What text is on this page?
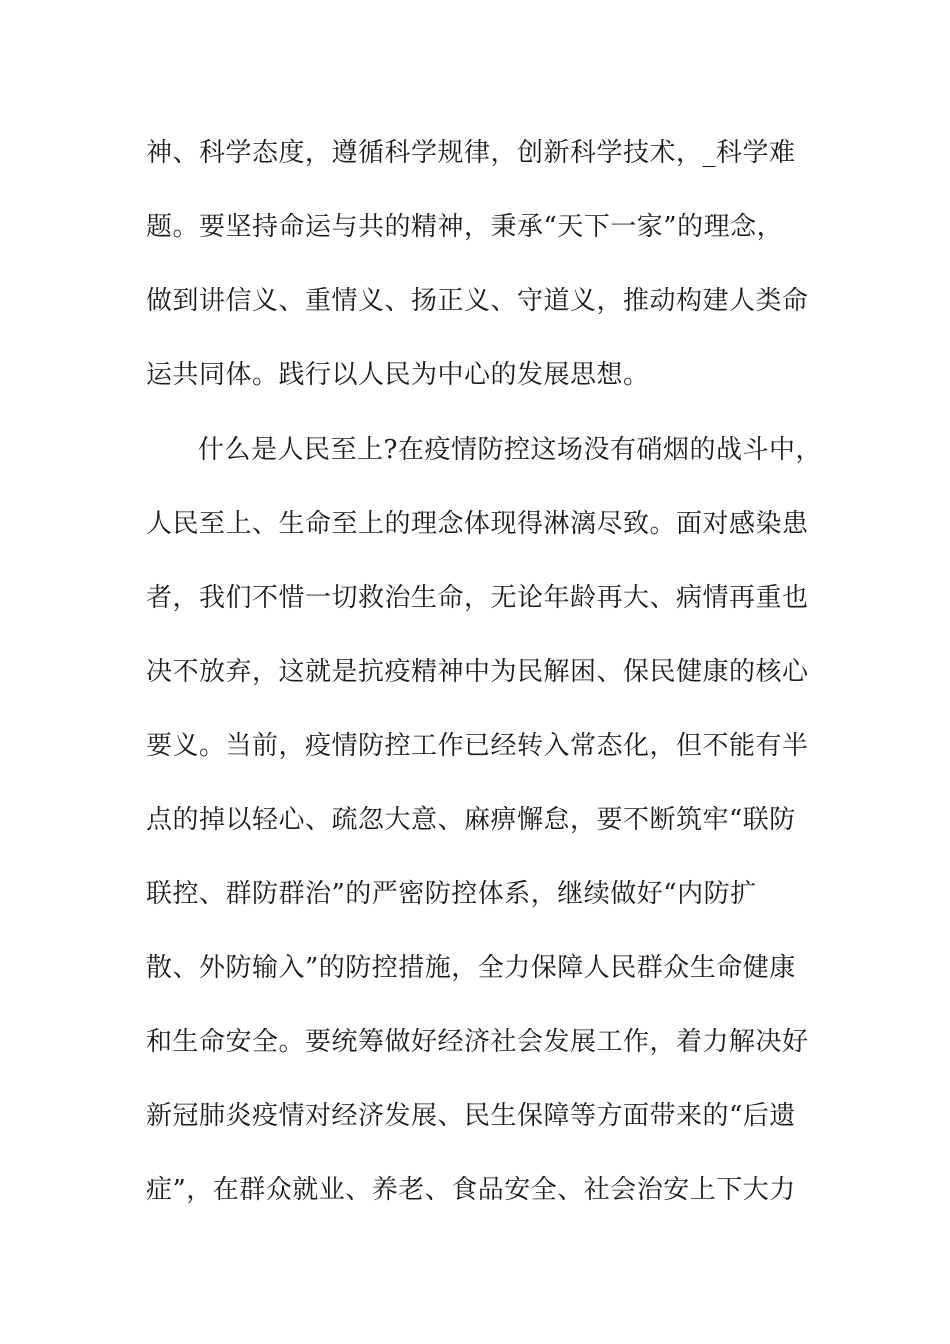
神、科学态度，遵循科学规律，创新科学技术，_科学难
题。要坚持命运与共的精神，秉承“天下一家”的理念，
做到讲信义、重情义、扬正义、守道义，推动构建人类命
运共同体。践行以人民为中心的发展思想。
什么是人民至上?在疫情防控这场没有硝烟的战斗中，
人民至上、生命至上的理念体现得淋漓尽致。面对感染患
者，我们不惜一切救治生命，无论年龄再大、病情再重也
决不放弃，这就是抗疫精神中为民解困、保民健康的核心
要义。当前，疫情防控工作已经转入常态化，但不能有半
点的掉以轻心、疏忽大意、麻痹懈怠，要不断筑牢“联防
联控、群防群治”的严密防控体系，继续做好“内防扩
散、外防输入”的防控措施，全力保障人民群众生命健康
和生命安全。要统筹做好经济社会发展工作，着力解决好
新冠肺炎疫情对经济发展、民生保障等方面带来的“后遗
症”，在群众就业、养老、食品安全、社会治安上下大力
